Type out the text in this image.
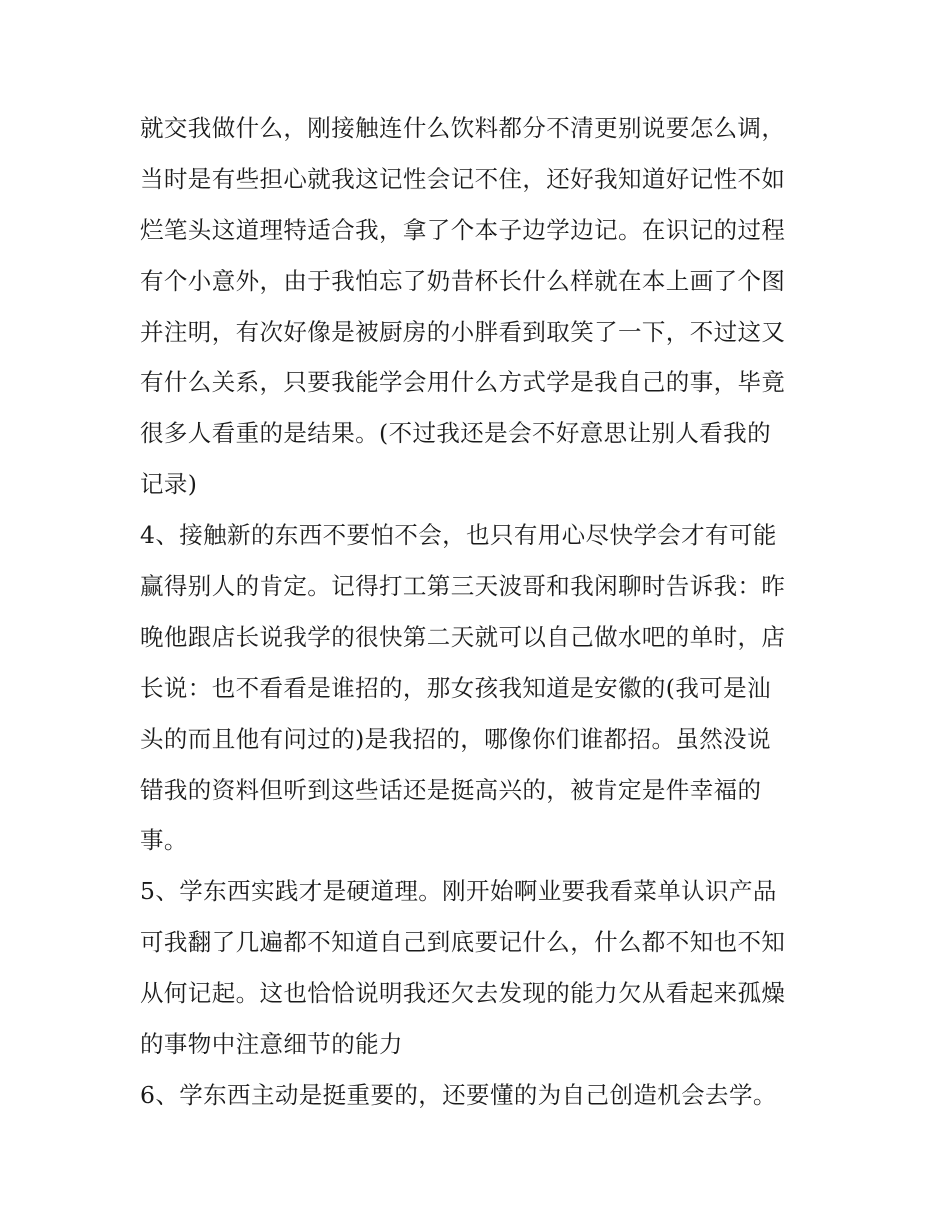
就交我做什么，刚接触连什么饮料都分不清更别说要怎么调，
当时是有些担心就我这记性会记不住，还好我知道好记性不如
烂笔头这道理特适合我，拿了个本子边学边记。在识记的过程
有个小意外，由于我怕忘了奶昔杯长什么样就在本上画了个图
并注明，有次好像是被厨房的小胖看到取笑了一下，不过这又
有什么关系，只要我能学会用什么方式学是我自己的事，毕竟
很多人看重的是结果。(不过我还是会不好意思让别人看我的
记录)
4、接触新的东西不要怕不会，也只有用心尽快学会才有可能
赢得别人的肯定。记得打工第三天波哥和我闲聊时告诉我：昨
晚他跟店长说我学的很快第二天就可以自己做水吧的单时，店
长说：也不看看是谁招的，那女孩我知道是安徽的(我可是汕
头的而且他有问过的)是我招的，哪像你们谁都招。虽然没说
错我的资料但听到这些话还是挺高兴的，被肯定是件幸福的
事。
5、学东西实践才是硬道理。刚开始啊业要我看菜单认识产品
可我翻了几遍都不知道自己到底要记什么，什么都不知也不知
从何记起。这也恰恰说明我还欠去发现的能力欠从看起来孤燥
的事物中注意细节的能力
6、学东西主动是挺重要的，还要懂的为自己创造机会去学。
